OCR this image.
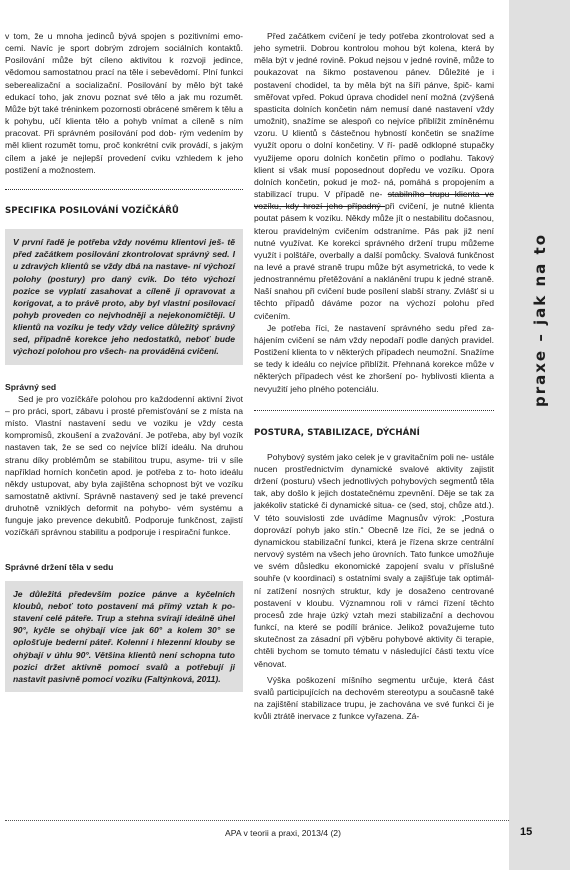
v tom, že u mnoha jedinců bývá spojen s pozitivními emo- cemi. Navíc je sport dobrým zdrojem sociálních kontaktů. Posilování může být cíleno aktivitou k rozvoji jedince, vědomou samostatnou prací na těle i sebevědomí. Plní funkci seberealizační a socializační. Posilování by mělo být také edukací toho, jak znovu poznat své tělo a jak mu rozumět. Může být také tréninkem pozornosti obrácené směrem k tělu a k pohybu, učí klienta tělo a pohyb vnímat a cíleně s ním pracovat. Při správném posilování pod dob- rým vedením by měl klient rozumět tomu, proč konkrétní cvik provádí, s jakým cílem a jaké je nejlepší provedení cviku vzhledem k jeho postižení a možnostem.

SPECIFIKA POSILOVÁNÍ VOZÍČKÁŘŮ
V první řadě je potřeba vždy novému klientovi ješ- tě před začátkem posilování zkontrolovat správný sed. I u zdravých klientů se vždy dbá na nastave- ní výchozí polohy (postury) pro daný cvik. Do této výchozí pozice se vyplatí zasahovat a cíleně ji opravovat a korigovat, a to právě proto, aby byl vlastní posilovací pohyb proveden co nejvhodněji a nejekonomičtěji. U klientů na vozíku je tedy vždy velice důležitý správný sed, případně korekce jeho nedostatků, neboť bude výchozí polohou pro všech- na prováděná cvičení.
Správný sed

Sed je pro vozíčkáře polohou pro každodenní aktivní život – pro práci, sport, zábavu i prosté přemisťování se z místa na místo. Vlastní nastavení sedu ve voziku je vždy cesta kompromisů, zkoušení a zvažování. Je potřeba, aby byl vozík nastaven tak, že se sed co nejvíce blíží ideálu. Na druhou stranu díky problémům se stabilitou trupu, asyme- trii v síle například horních končetin apod. je potřeba z to- hoto ideálu někdy ustupovat, aby byla zajištěna schopnost být ve vozíku samostatně aktivní. Správně nastavený sed je také prevencí druhotně vzniklých deformit na pohybo- vém systému a funguje jako prevence dekubitů. Podporuje funkčnost, zajistí vozíčkáři správnou stabilitu a podporuje i respirační funkce.

Správné držení těla v sedu
Je důležitá především pozice pánve a kyčelních kloubů, neboť toto postavení má přímý vztah k po- stavení celé páteře. Trup a stehna svírají ideálně úhel 90°, kyčle se ohýbají více jak 60° a kolem 30° se oplošťuje bederní páteř. Kolenní i hlezenní klouby se ohýbají v úhlu 90°. Většina klientů není schopna tuto pozici držet aktivně pomocí svalů a potřebují ji nastavit pasivně pomocí vozíku (Faltýnková, 2011).

Před začátkem cvičení je tedy potřeba zkontrolovat sed a jeho symetrii. Dobrou kontrolou mohou být kolena, která by měla být v jedné rovině. Pokud nejsou v jedné rovině, může to poukazovat na šikmo postavenou pánev. Důležité je i postavení chodidel, ta by měla být na šíři pánve, špič- kami směřovat vpřed. Pokud úprava chodidel není možná (zvýšená spasticita dolních končetin nám nemusí dané nastavení vždy umožnit), snažíme se alespoň co nejvíce přiblížit zmíněnému vzoru. U klientů s částečnou hybností končetin se snažíme využít oporu o dolní končetiny. V ří- padě odklopné stupačky využijeme oporu dolních končetin přímo o podlahu. Takový klient si však musí poposednout dopředu ve vozíku. Opora dolních končetin, pokud je mož- ná, pomáhá s propojením a stabilizací trupu. V případě ne- stabilního trupu klienta ve vozíku, kdy hrozí jeho případný při cvičení, je nutné klienta poutat pásem k vozíku. Někdy může jít o nestabilitu dočasnou, kterou pravidelným cvičením odstraníme. Pás pak již není nutné využívat. Ke korekci správného držení trupu můžeme využít i polštáře, overbally a další pomůcky. Svalová funkčnost na levé a pravé straně trupu může být asymetrická, to vede k jednostrannému přetěžování a naklánění trupu k jedné straně. Naší snahou při cvičení bude posílení slabší strany. Zvlášť si u těchto případů dáváme pozor na výchozí polohu před cvičením.

Je potřeba říci, že nastavení správného sedu před za- hájením cvičení se nám vždy nepodaří podle daných pravidel. Postižení klienta to v některých případech neumožní. Snažíme se tedy k ideálu co nejvíce přiblížit. Přehnaná korekce může v některých případech vést ke zhoršení po- hyblivosti klienta a nevyužití jeho plného potenciálu.

POSTURA, STABILIZACE, DÝCHÁNÍ

Pohybový systém jako celek je v gravitačním poli ne- ustále nucen prostřednictvím dynamické svalové aktivity zajistit držení (posturu) všech jednotlivých pohybových segmentů těla tak, aby došlo k jejich dostatečnému zpevnění. Děje se tak za jakékoliv statické či dynamické situa- ce (sed, stoj, chůze atd.). V této souvislosti zde uvádíme Magnusův výrok: „Postura doprovází pohyb jako stín.“ Obecně lze říci, že se jedná o dynamickou stabilizační funkci, která je řízena skrze centrální nervový systém na všech jeho úrovních. Tato funkce umožňuje ve svém důsledku ekonomické zapojení svalu v příslušné souhře (v koordinaci) s ostatními svaly a zajišťuje tak optimál- ní zatížení nosných struktur, kdy je dosaženo centrované postavení v kloubu. Významnou roli v rámci řízení těchto procesů zde hraje úzký vztah mezi stabilizační a dechovou funkcí, na které se podílí bránice. Jelikož považujeme tuto skutečnost za zásadní při výběru pohybové aktivity či terapie, chtěli bychom se tomuto tématu v následující části textu více věnovat.

Výška poškození míšního segmentu určuje, která část svalů participujících na dechovém stereotypu a současně také na zajištění stabilizace trupu, je zachována ve své funkci či je kvůli ztrátě inervace z funkce vyřazena. Zá-

praxe – jak na to
APA v teorii a praxi, 2013/4 (2)	15
